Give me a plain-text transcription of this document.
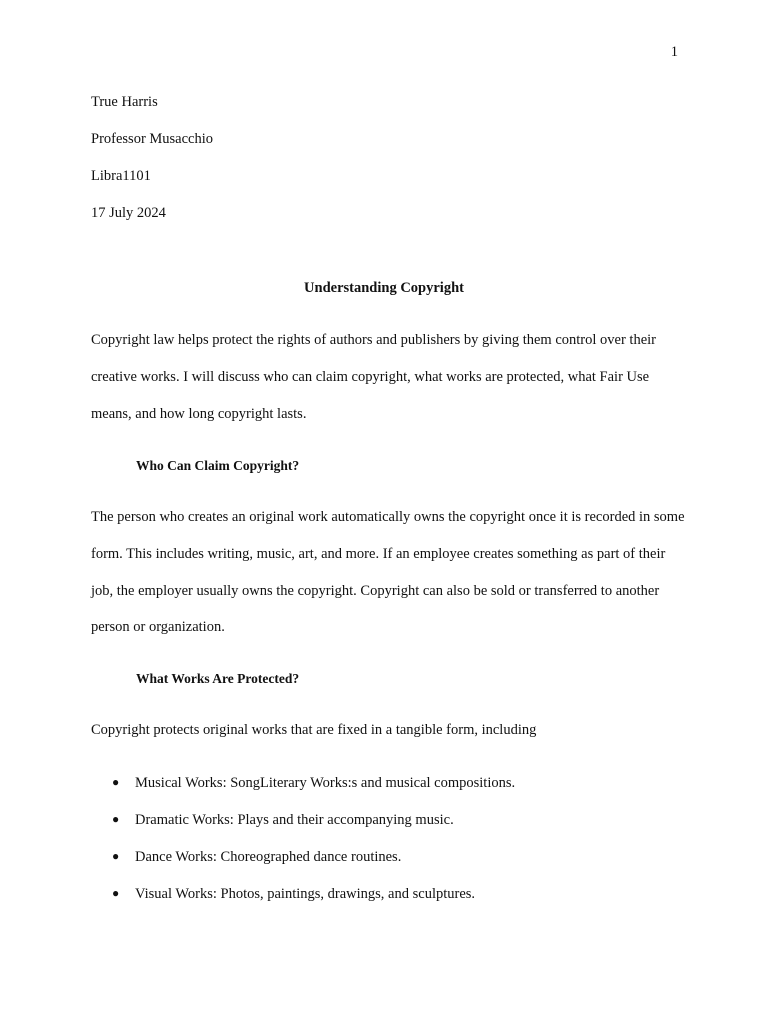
1
True Harris
Professor Musacchio
Libra1101
17 July 2024
Understanding Copyright

Copyright law helps protect the rights of authors and publishers by giving them control over their creative works. I will discuss who can claim copyright, what works are protected, what Fair Use means, and how long copyright lasts.

Who Can Claim Copyright?

The person who creates an original work automatically owns the copyright once it is recorded in some form. This includes writing, music, art, and more. If an employee creates something as part of their job, the employer usually owns the copyright. Copyright can also be sold or transferred to another person or organization.

What Works Are Protected?

Copyright protects original works that are fixed in a tangible form, including

● Musical Works: SongLiterary Works:s and musical compositions.
● Dramatic Works: Plays and their accompanying music.
● Dance Works: Choreographed dance routines.
● Visual Works: Photos, paintings, drawings, and sculptures.
